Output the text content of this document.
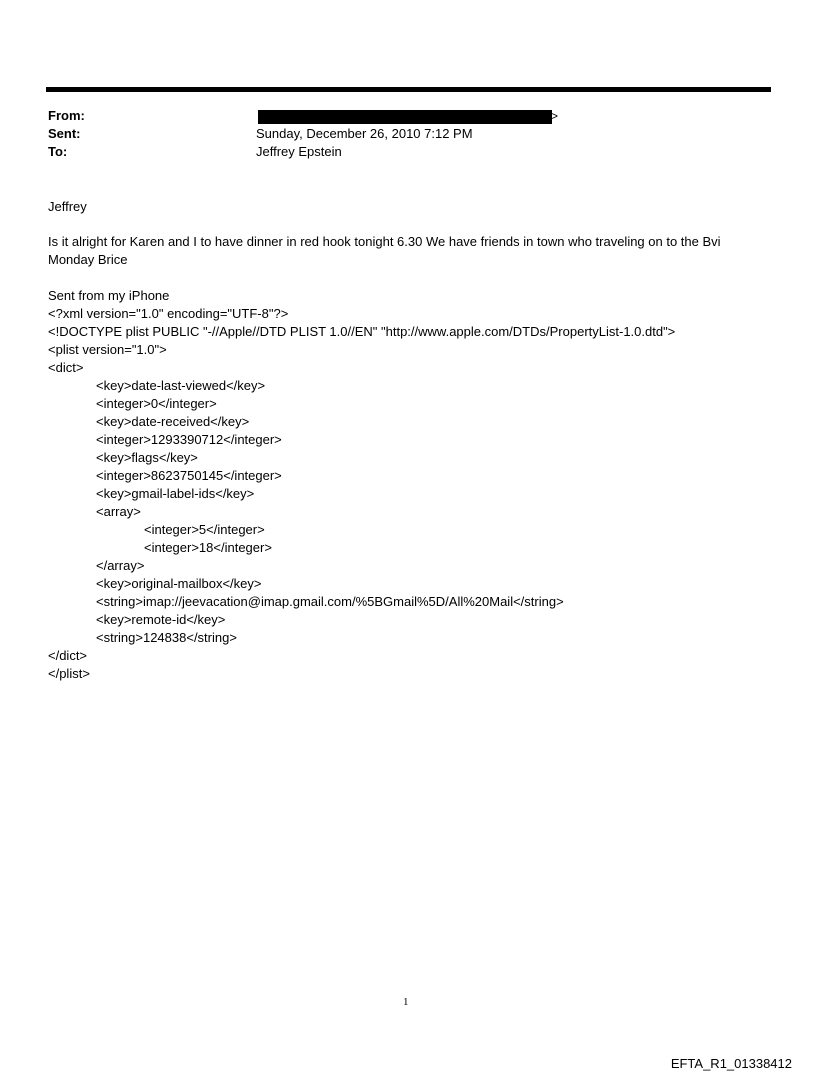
From:	>
Sent:	Sunday, December 26, 2010 7:12 PM
To:	Jeffrey Epstein
Jeffrey
Is it alright for Karen and I to have dinner in red hook tonight 6.30 We have friends in town who traveling on to the Bvi Monday Brice
Sent from my iPhone
<?xml version="1.0" encoding="UTF-8"?>
<!DOCTYPE plist PUBLIC "-//Apple//DTD PLIST 1.0//EN" "http://www.apple.com/DTDs/PropertyList-1.0.dtd">
<plist version="1.0">
<dict>
<key>date-last-viewed</key>
<integer>0</integer>
<key>date-received</key>
<integer>1293390712</integer>
<key>flags</key>
<integer>8623750145</integer>
<key>gmail-label-ids</key>
<array>
<integer>5</integer>
<integer>18</integer>
</array>
<key>original-mailbox</key>
<string>imap://jeevacation@imap.gmail.com/%5BGmail%5D/All%20Mail</string>
<key>remote-id</key>
<string>124838</string>
</dict>
</plist>
1
EFTA_R1_01338412
